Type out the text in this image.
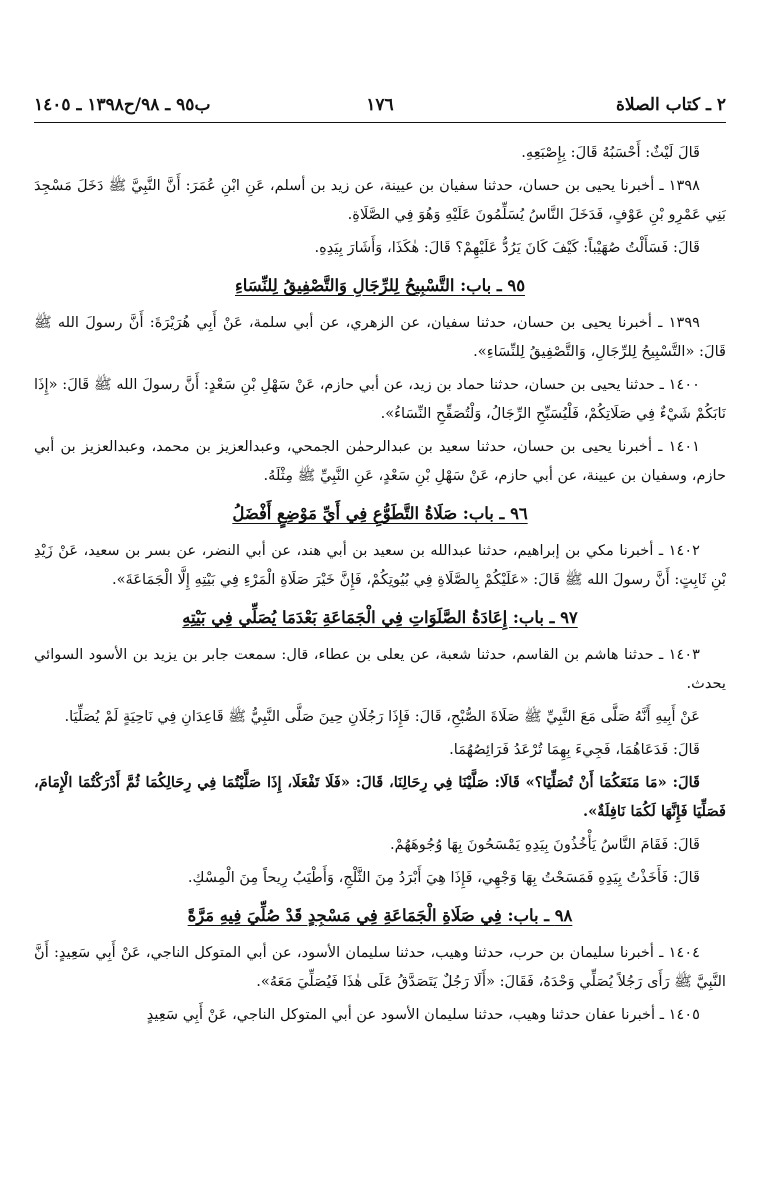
٢ ـ كتاب الصلاة
١٧٦
ب٩٥ ـ ٩٨/ح١٣٩٨ ـ ١٤٠٥

قَالَ لَيْثٌ: أَحْسَبُهُ قَالَ: بِإِصْبَعِهِ.

١٣٩٨ ـ أخبرنا يحيى بن حسان، حدثنا سفيان بن عيينة، عن زيد بن أسلم، عَنِ ابْنِ عُمَرَ: أَنَّ النَّبِيَّ ﷺ دَخَلَ مَسْجِدَ بَنِي عَمْرِو بْنِ عَوْفٍ، فَدَخَلَ النَّاسُ يُسَلِّمُونَ عَلَيْهِ وَهُوَ فِي الصَّلَاةِ.

قَالَ: فَسَأَلْتُ صُهَيْباً: كَيْفَ كَانَ يَرُدُّ عَلَيْهِمْ؟ قَالَ: هٰكَذَا، وَأَشَارَ بِيَدِهِ.

٩٥ ـ باب: التَّسْبِيحُ لِلرِّجَالِ وَالتَّصْفِيقُ لِلنِّسَاءِ

١٣٩٩ ـ أخبرنا يحيى بن حسان، حدثنا سفيان، عن الزهري، عن أبي سلمة، عَنْ أَبِي هُرَيْرَةَ: أَنَّ رسولَ الله ﷺ قَالَ: «التَّسْبِيحُ لِلرِّجَالِ، وَالتَّصْفِيقُ لِلنِّسَاءِ».

١٤٠٠ ـ حدثنا يحيى بن حسان، حدثنا حماد بن زيد، عن أبي حازم، عَنْ سَهْلِ بْنِ سَعْدٍ: أَنَّ رسولَ الله ﷺ قَالَ: «إِذَا نَابَكُمْ شَيْءٌ فِي صَلَاتِكُمْ، فَلْيُسَبِّحِ الرِّجَالُ، وَلْتُصَفِّحِ النِّسَاءُ».

١٤٠١ ـ أخبرنا يحيى بن حسان، حدثنا سعيد بن عبدالرحمٰن الجمحي، وعبدالعزيز بن محمد، وعبدالعزيز بن أبي حازم، وسفيان بن عيينة، عن أبي حازم، عَنْ سَهْلِ بْنِ سَعْدٍ، عَنِ النَّبِيِّ ﷺ مِثْلَهُ.

٩٦ ـ باب: صَلَاةُ التَّطَوُّعِ فِي أَيِّ مَوْضِعٍ أَفْضَلُ

١٤٠٢ ـ أخبرنا مكي بن إبراهيم، حدثنا عبدالله بن سعيد بن أبي هند، عن أبي النضر، عن بسر بن سعيد، عَنْ زَيْدِ بْنِ ثَابِتٍ: أَنَّ رسولَ الله ﷺ قَالَ: «عَلَيْكُمْ بِالصَّلَاةِ فِي بُيُوتِكُمْ، فَإِنَّ خَيْرَ صَلَاةِ الْمَرْءِ فِي بَيْتِهِ إِلَّا الْجَمَاعَةَ».

٩٧ ـ باب: إِعَادَةُ الصَّلَوَاتِ فِي الْجَمَاعَةِ بَعْدَمَا يُصَلِّي فِي بَيْتِهِ

١٤٠٣ ـ حدثنا هاشم بن القاسم، حدثنا شعبة، عن يعلى بن عطاء، قال: سمعت جابر بن يزيد بن الأسود السوائي يحدث.

عَنْ أَبِيهِ أَنَّهُ صَلَّى مَعَ النَّبِيِّ ﷺ صَلَاةَ الصُّبْحِ، قَالَ: فَإِذَا رَجُلَانِ حِينَ صَلَّى النَّبِيُّ ﷺ قَاعِدَانِ فِي نَاحِيَةٍ لَمْ يُصَلِّيَا.

قَالَ: فَدَعَاهُمَا، فَجِيءَ بِهِمَا تُرْعَدُ فَرَائِصُهُمَا.

قَالَ: «مَا مَنَعَكُمَا أَنْ تُصَلِّيَا؟» قَالَا: صَلَّيْنَا فِي رِحَالِنَا، قَالَ: «فَلَا تَفْعَلَا، إِذَا صَلَّيْتُمَا فِي رِحَالِكُمَا ثُمَّ أَدْرَكْتُمَا الْإِمَامَ، فَصَلِّيَا فَإِنَّهَا لَكُمَا نَافِلَةٌ».

قَالَ: فَقَامَ النَّاسُ يَأْخُذُونَ بِيَدِهِ يَمْسَحُونَ بِهَا وُجُوهَهُمْ.

قَالَ: فَأَخَذْتُ بِيَدِهِ فَمَسَحْتُ بِهَا وَجْهِي، فَإِذَا هِيَ أَبْرَدُ مِنَ الثَّلْجِ، وَأَطْيَبُ رِيحاً مِنَ الْمِسْكِ.

٩٨ ـ باب: فِي صَلَاةِ الْجَمَاعَةِ فِي مَسْجِدٍ قَدْ صُلِّيَ فِيهِ مَرَّةً

١٤٠٤ ـ أخبرنا سليمان بن حرب، حدثنا وهيب، حدثنا سليمان الأسود، عن أبي المتوكل الناجي، عَنْ أَبِي سَعِيدٍ: أَنَّ النَّبِيَّ ﷺ رَأَى رَجُلاً يُصَلِّي وَحْدَهُ، فَقَالَ: «أَلَا رَجُلٌ يَتَصَدَّقُ عَلَى هٰذَا فَيُصَلِّيَ مَعَهُ».

١٤٠٥ ـ أخبرنا عفان حدثنا وهيب، حدثنا سليمان الأسود عن أبي المتوكل الناجي، عَنْ أَبِي سَعِيدٍ
